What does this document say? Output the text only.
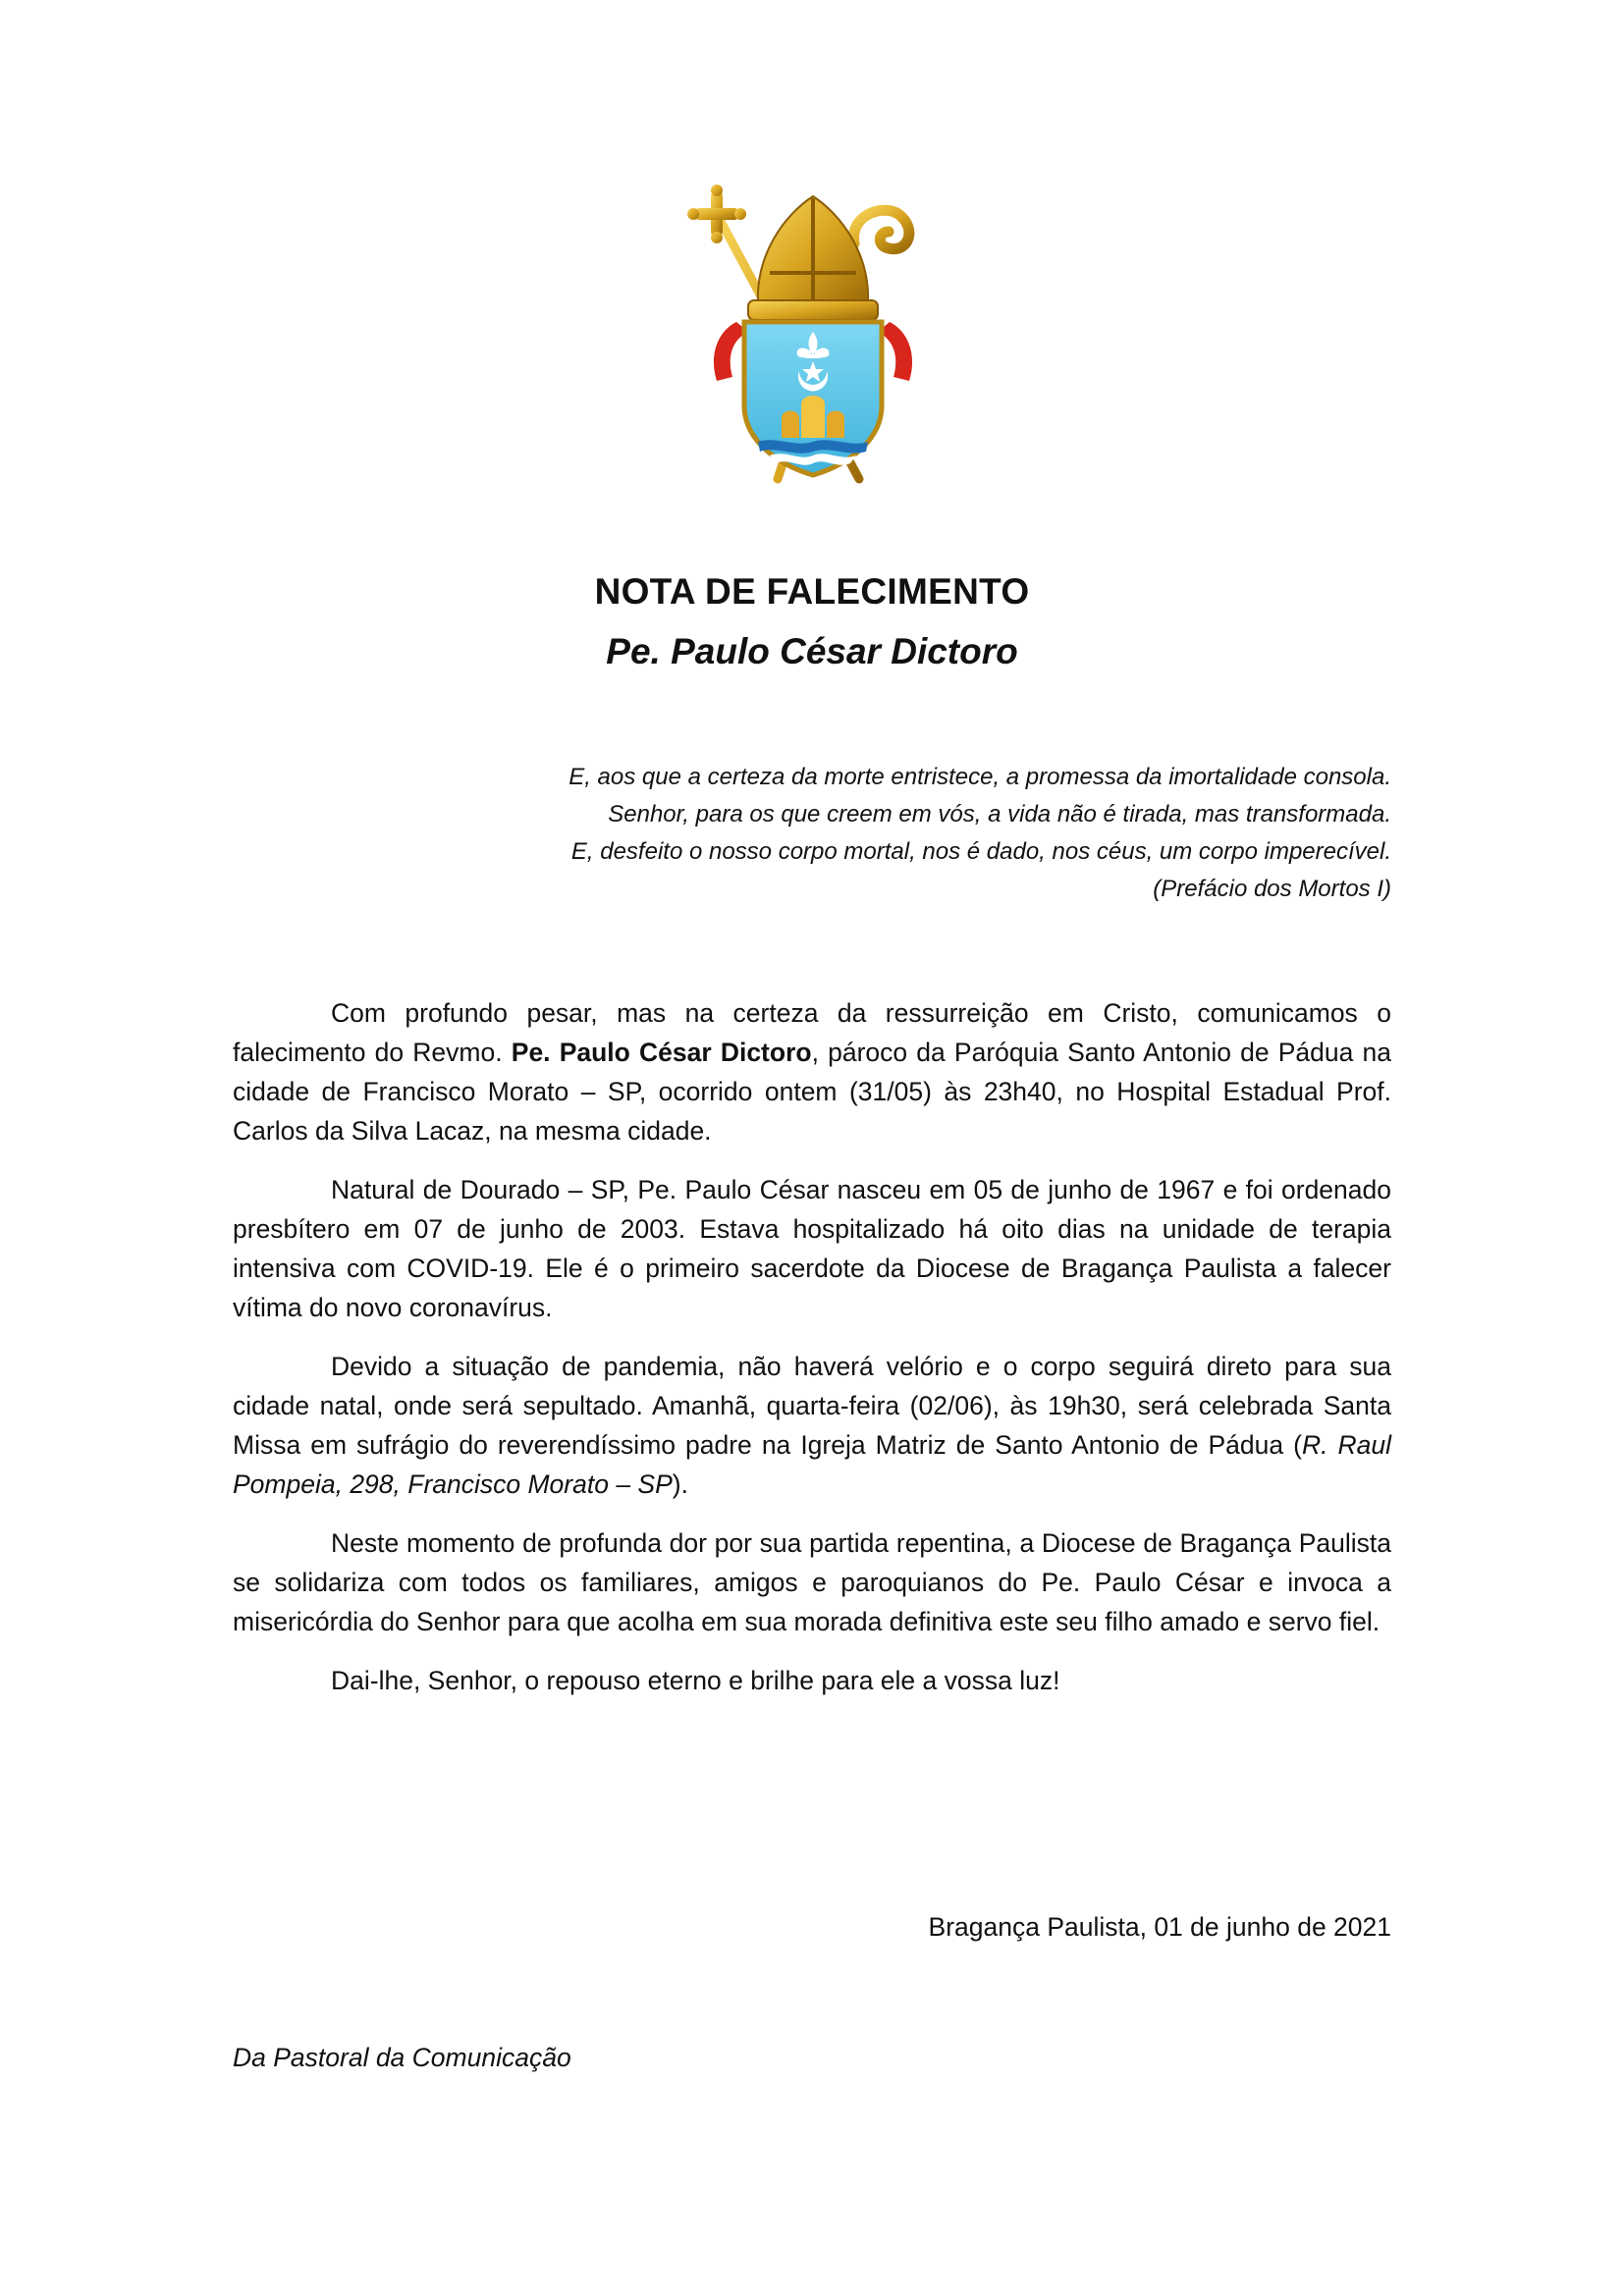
NOTA DE FALECIMENTO
Pe. Paulo César Dictoro

E, aos que a certeza da morte entristece, a promessa da imortalidade consola.

Senhor, para os que creem em vós, a vida não é tirada, mas transformada.

E, desfeito o nosso corpo mortal, nos é dado, nos céus, um corpo imperecível.

(Prefácio dos Mortos I)

Com profundo pesar, mas na certeza da ressurreição em Cristo, comunicamos o falecimento do Revmo. Pe. Paulo César Dictoro, pároco da Paróquia Santo Antonio de Pádua na cidade de Francisco Morato – SP, ocorrido ontem (31/05) às 23h40, no Hospital Estadual Prof. Carlos da Silva Lacaz, na mesma cidade.

Natural de Dourado – SP, Pe. Paulo César nasceu em 05 de junho de 1967 e foi ordenado presbítero em 07 de junho de 2003. Estava hospitalizado há oito dias na unidade de terapia intensiva com COVID-19. Ele é o primeiro sacerdote da Diocese de Bragança Paulista a falecer vítima do novo coronavírus.

Devido a situação de pandemia, não haverá velório e o corpo seguirá direto para sua cidade natal, onde será sepultado. Amanhã, quarta-feira (02/06), às 19h30, será celebrada Santa Missa em sufrágio do reverendíssimo padre na Igreja Matriz de Santo Antonio de Pádua (R. Raul Pompeia, 298, Francisco Morato – SP).

Neste momento de profunda dor por sua partida repentina, a Diocese de Bragança Paulista se solidariza com todos os familiares, amigos e paroquianos do Pe. Paulo César e invoca a misericórdia do Senhor para que acolha em sua morada definitiva este seu filho amado e servo fiel.

Dai-lhe, Senhor, o repouso eterno e brilhe para ele a vossa luz!

Bragança Paulista, 01 de junho de 2021
Da Pastoral da Comunicação
